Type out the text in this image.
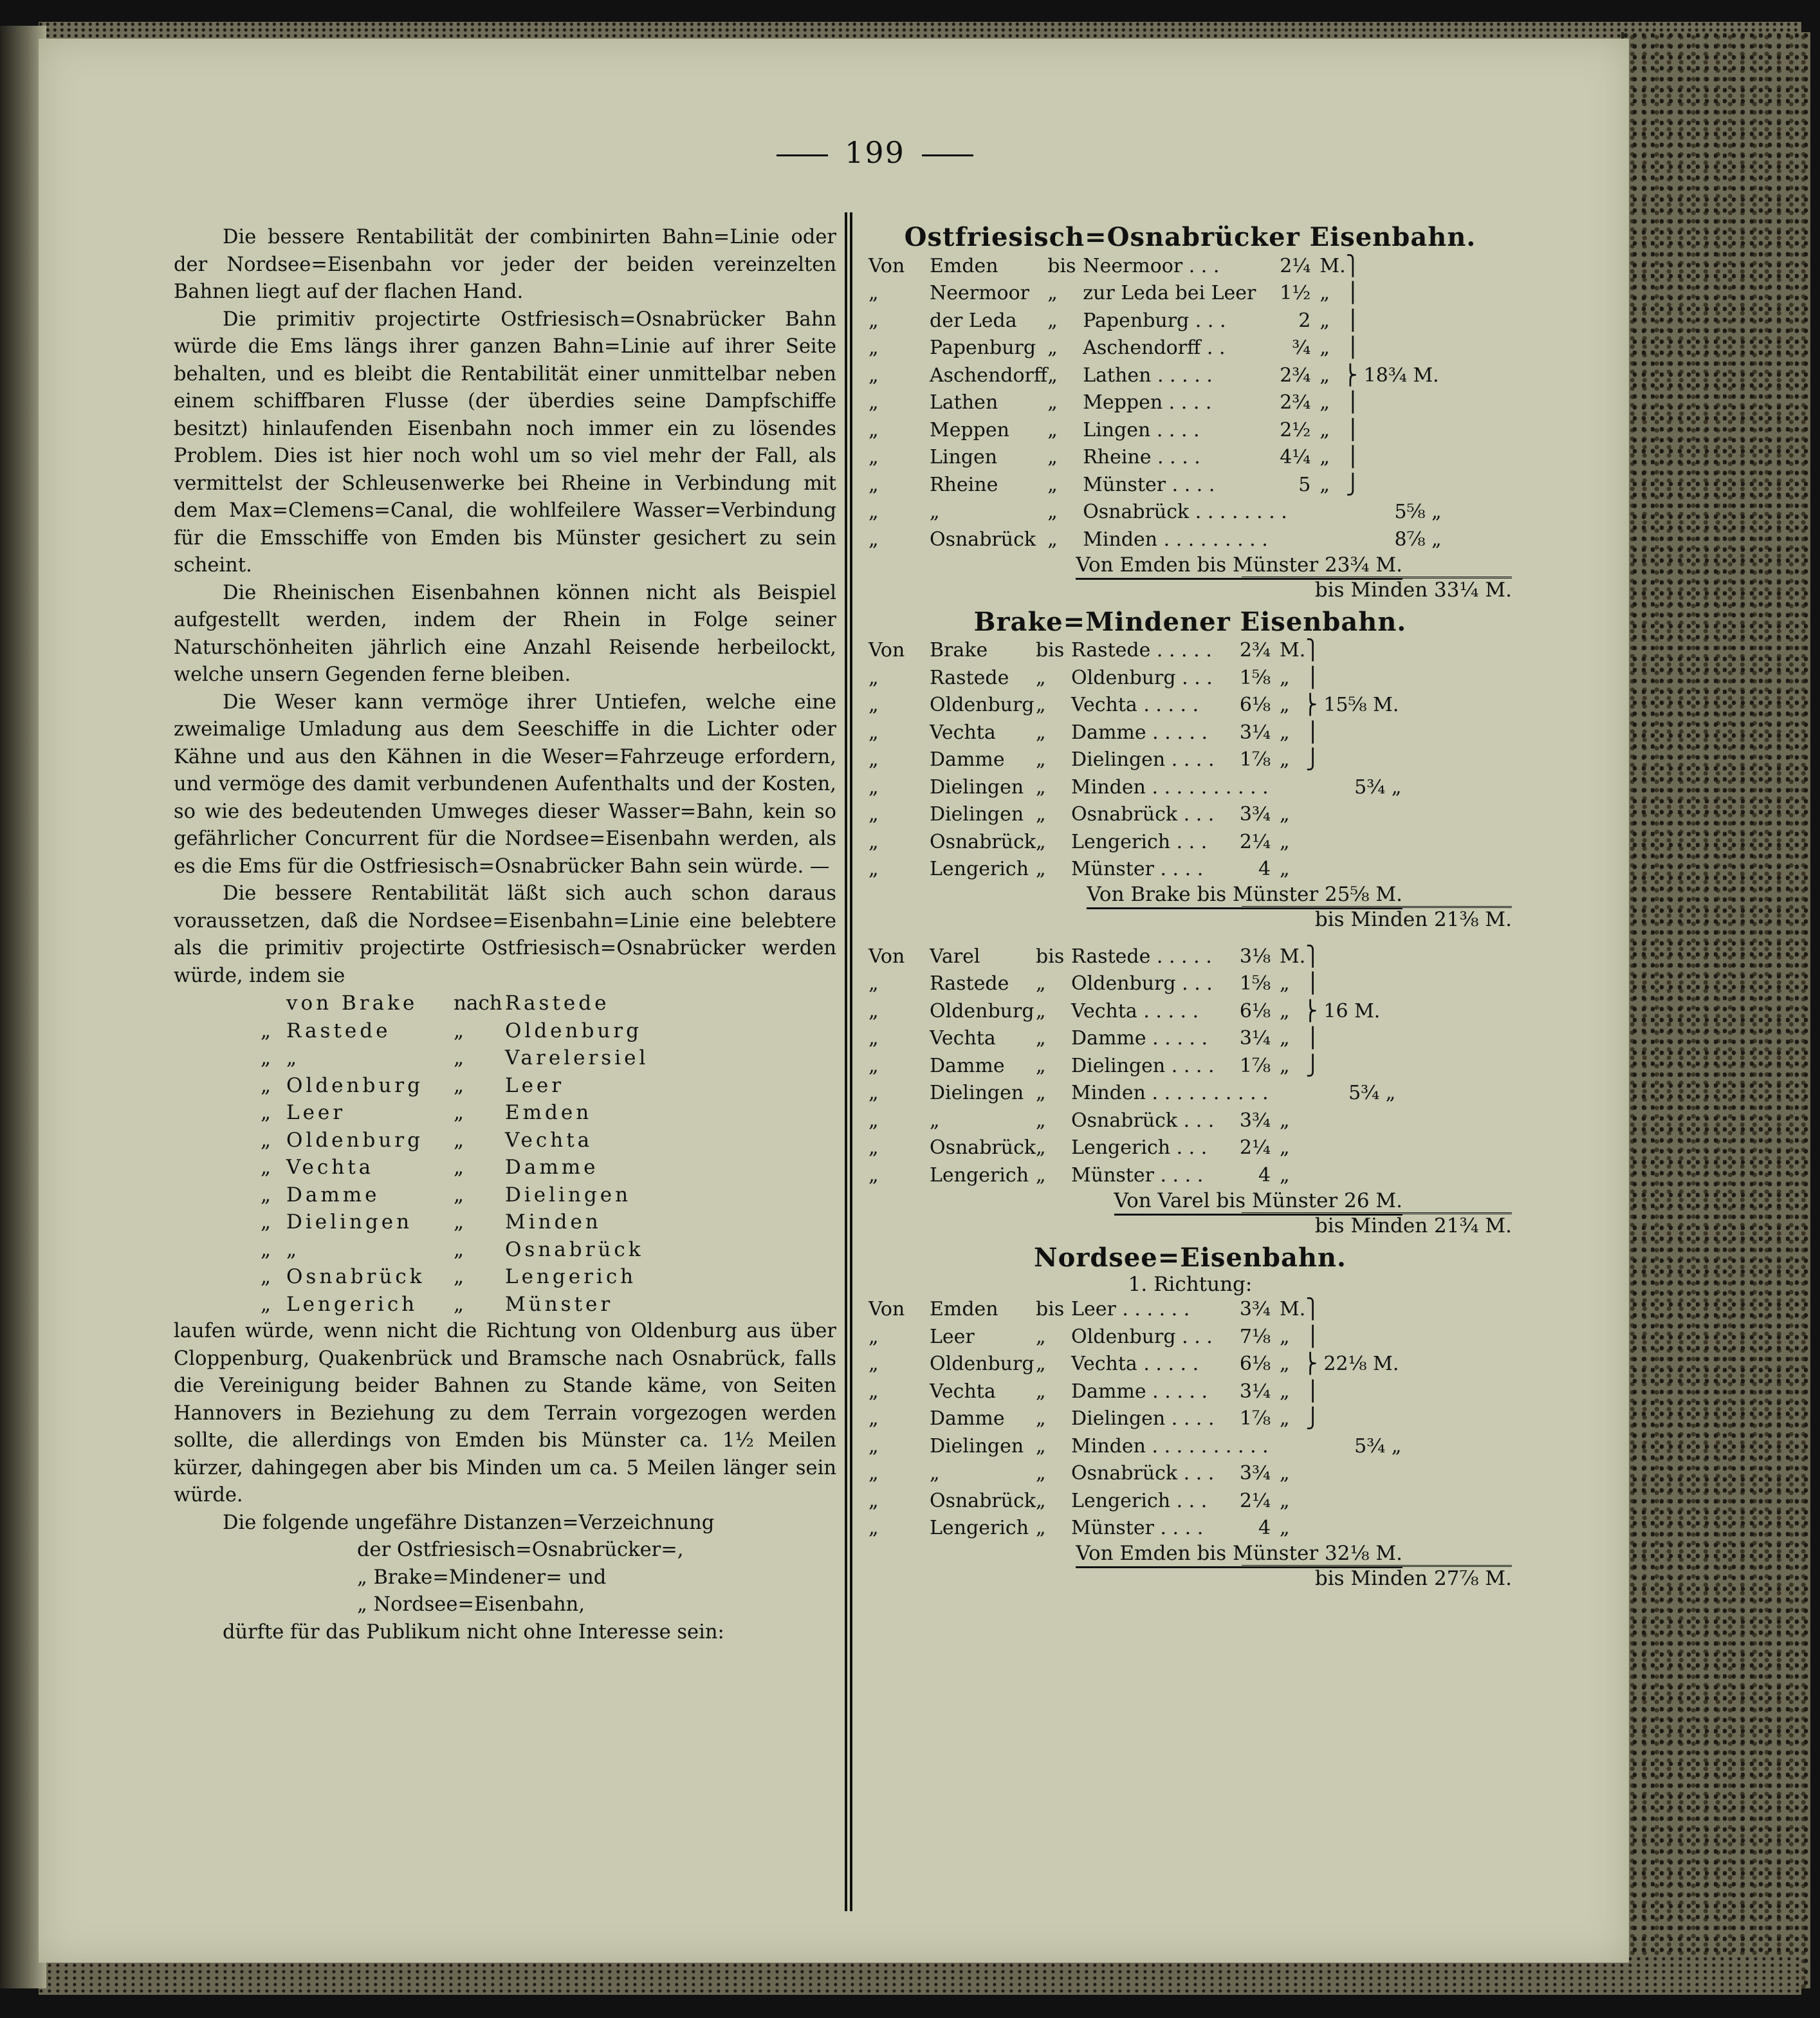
199

Die bessere Rentabilität der combinirten Bahn=Linie oder der Nordsee=Eisenbahn vor jeder der beiden vereinzelten Bahnen liegt auf der flachen Hand.

Die primitiv projectirte Ostfriesisch=Osnabrücker Bahn würde die Ems längs ihrer ganzen Bahn=Linie auf ihrer Seite behalten, und es bleibt die Rentabilität einer unmittelbar neben einem schiffbaren Flusse (der überdies seine Dampfschiffe besitzt) hinlaufenden Eisenbahn noch immer ein zu lösendes Problem. Dies ist hier noch wohl um so viel mehr der Fall, als vermittelst der Schleusenwerke bei Rheine in Verbindung mit dem Max=Clemens=Canal, die wohlfeilere Wasser=Verbindung für die Emsschiffe von Emden bis Münster gesichert zu sein scheint.

Die Rheinischen Eisenbahnen können nicht als Beispiel aufgestellt werden, indem der Rhein in Folge seiner Naturschönheiten jährlich eine Anzahl Reisende herbeilockt, welche unsern Gegenden ferne bleiben.

Die Weser kann vermöge ihrer Untiefen, welche eine zweimalige Umladung aus dem Seeschiffe in die Lichter oder Kähne und aus den Kähnen in die Weser=Fahrzeuge erfordern, und vermöge des damit verbundenen Aufenthalts und der Kosten, so wie des bedeutenden Umweges dieser Wasser=Bahn, kein so gefährlicher Concurrent für die Nordsee=Eisenbahn werden, als es die Ems für die Ostfriesisch=Osnabrücker Bahn sein würde. —

Die bessere Rentabilität läßt sich auch schon daraus voraussetzen, daß die Nordsee=Eisenbahn=Linie eine belebtere als die primitiv projectirte Ostfriesisch=Osnabrücker werden würde, indem sie

	von Brake	nach	Rastede
„	Rastede	„	Oldenburg
„	„	„	Varelersiel
„	Oldenburg	„	Leer
„	Leer	„	Emden
„	Oldenburg	„	Vechta
„	Vechta	„	Damme
„	Damme	„	Dielingen
„	Dielingen	„	Minden
„	„	„	Osnabrück
„	Osnabrück	„	Lengerich
„	Lengerich	„	Münster

laufen würde, wenn nicht die Richtung von Oldenburg aus über Cloppenburg, Quakenbrück und Bramsche nach Osnabrück, falls die Vereinigung beider Bahnen zu Stande käme, von Seiten Hannovers in Beziehung zu dem Terrain vorgezogen werden sollte, die allerdings von Emden bis Münster ca. 1½ Meilen kürzer, dahingegen aber bis Minden um ca. 5 Meilen länger sein würde.

Die folgende ungefähre Distanzen=Verzeichnung

der Ostfriesisch=Osnabrücker=,
„ Brake=Mindener= und
„ Nordsee=Eisenbahn,

dürfte für das Publikum nicht ohne Interesse sein:

Ostfriesisch=Osnabrücker Eisenbahn.

Von	Emden	bis	Neermoor . . .	2¼	M.	⎫
„	Neermoor	„	zur Leda bei Leer	1½	„	⎪
„	der Leda	„	Papenburg . . .	2	„	⎪
„	Papenburg	„	Aschendorff . .	¾	„	⎪
„	Aschendorff	„	Lathen . . . . .	2¾	„	⎬ 18¾ M.
„	Lathen	„	Meppen . . . .	2¾	„	⎪
„	Meppen	„	Lingen . . . .	2½	„	⎪
„	Lingen	„	Rheine . . . .	4¼	„	⎪
„	Rheine	„	Münster . . . .	5	„	⎭
„	„	„	Osnabrück . . . . . . . .			5⅝ „
„	Osnabrück	„	Minden . . . . . . . . .			8⅞ „

Von Emden bis Münster 23¾ M.

bis Minden 33¼ M.

Brake=Mindener Eisenbahn.

Von	Brake	bis	Rastede . . . . .	2¾	M.	⎫
„	Rastede	„	Oldenburg . . .	1⅝	„	⎪
„	Oldenburg	„	Vechta . . . . .	6⅛	„	⎬ 15⅝ M.
„	Vechta	„	Damme . . . . .	3¼	„	⎪
„	Damme	„	Dielingen . . . .	1⅞	„	⎭
„	Dielingen	„	Minden . . . . . . . . . .			5¾ „
„	Dielingen	„	Osnabrück . . .	3¾	„	
„	Osnabrück	„	Lengerich . . .	2¼	„	
„	Lengerich	„	Münster . . . .	4	„	

Von Brake bis Münster 25⅝ M.

bis Minden 21⅜ M.

Von	Varel	bis	Rastede . . . . .	3⅛	M.	⎫
„	Rastede	„	Oldenburg . . .	1⅝	„	⎪
„	Oldenburg	„	Vechta . . . . .	6⅛	„	⎬ 16 M.
„	Vechta	„	Damme . . . . .	3¼	„	⎪
„	Damme	„	Dielingen . . . .	1⅞	„	⎭
„	Dielingen	„	Minden . . . . . . . . . .			5¾ „
„	„	„	Osnabrück . . .	3¾	„	
„	Osnabrück	„	Lengerich . . .	2¼	„	
„	Lengerich	„	Münster . . . .	4	„	

Von Varel bis Münster 26 M.

bis Minden 21¾ M.

Nordsee=Eisenbahn.

1. Richtung:

Von	Emden	bis	Leer . . . . . .	3¾	M.	⎫
„	Leer	„	Oldenburg . . .	7⅛	„	⎪
„	Oldenburg	„	Vechta . . . . .	6⅛	„	⎬ 22⅛ M.
„	Vechta	„	Damme . . . . .	3¼	„	⎪
„	Damme	„	Dielingen . . . .	1⅞	„	⎭
„	Dielingen	„	Minden . . . . . . . . . .			5¾ „
„	„	„	Osnabrück . . .	3¾	„	
„	Osnabrück	„	Lengerich . . .	2¼	„	
„	Lengerich	„	Münster . . . .	4	„	

Von Emden bis Münster 32⅛ M.

bis Minden 27⅞ M.
